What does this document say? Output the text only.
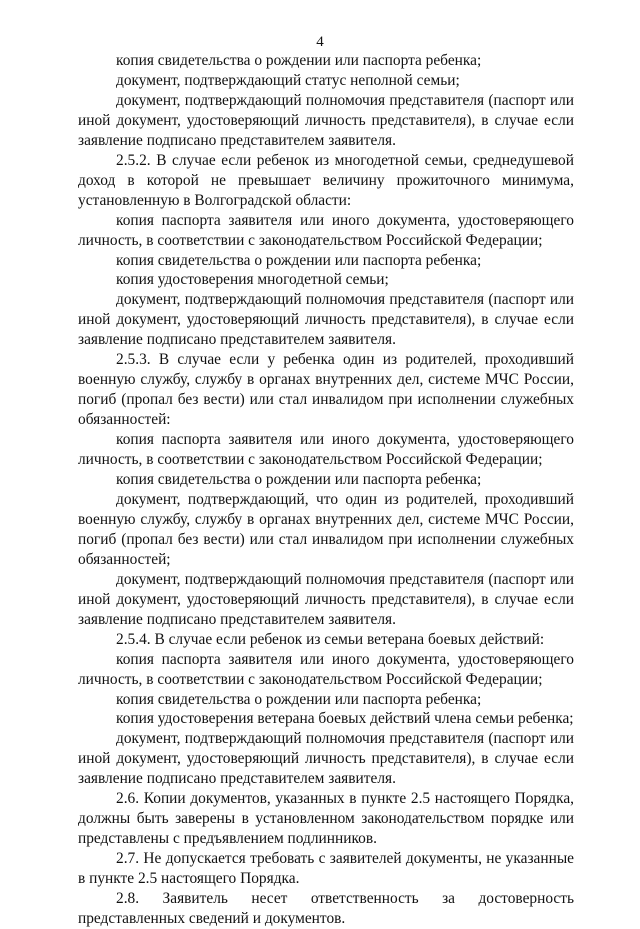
4

копия свидетельства о рождении или паспорта ребенка;

документ, подтверждающий статус неполной семьи;

документ, подтверждающий полномочия представителя (паспорт или иной документ, удостоверяющий личность представителя), в случае если заявление подписано представителем заявителя.

2.5.2. В случае если ребенок из многодетной семьи, среднедушевой доход в которой не превышает величину прожиточного минимума, установленную в Волгоградской области:

копия паспорта заявителя или иного документа, удостоверяющего личность, в соответствии с законодательством Российской Федерации;

копия свидетельства о рождении или паспорта ребенка;

копия удостоверения многодетной семьи;

документ, подтверждающий полномочия представителя (паспорт или иной документ, удостоверяющий личность представителя), в случае если заявление подписано представителем заявителя.

2.5.3. В случае если у ребенка один из родителей, проходивший военную службу, службу в органах внутренних дел, системе МЧС России, погиб (пропал без вести) или стал инвалидом при исполнении служебных обязанностей:

копия паспорта заявителя или иного документа, удостоверяющего личность, в соответствии с законодательством Российской Федерации;

копия свидетельства о рождении или паспорта ребенка;

документ, подтверждающий, что один из родителей, проходивший военную службу, службу в органах внутренних дел, системе МЧС России, погиб (пропал без вести) или стал инвалидом при исполнении служебных обязанностей;

документ, подтверждающий полномочия представителя (паспорт или иной документ, удостоверяющий личность представителя), в случае если заявление подписано представителем заявителя.

2.5.4. В случае если ребенок из семьи ветерана боевых действий:

копия паспорта заявителя или иного документа, удостоверяющего личность, в соответствии с законодательством Российской Федерации;

копия свидетельства о рождении или паспорта ребенка;

копия удостоверения ветерана боевых действий члена семьи ребенка;

документ, подтверждающий полномочия представителя (паспорт или иной документ, удостоверяющий личность представителя), в случае если заявление подписано представителем заявителя.

2.6. Копии документов, указанных в пункте 2.5 настоящего Порядка, должны быть заверены в установленном законодательством порядке или представлены с предъявлением подлинников.

2.7. Не допускается требовать с заявителей документы, не указанные в пункте 2.5 настоящего Порядка.

2.8. Заявитель несет ответственность за достоверность представленных сведений и документов.
